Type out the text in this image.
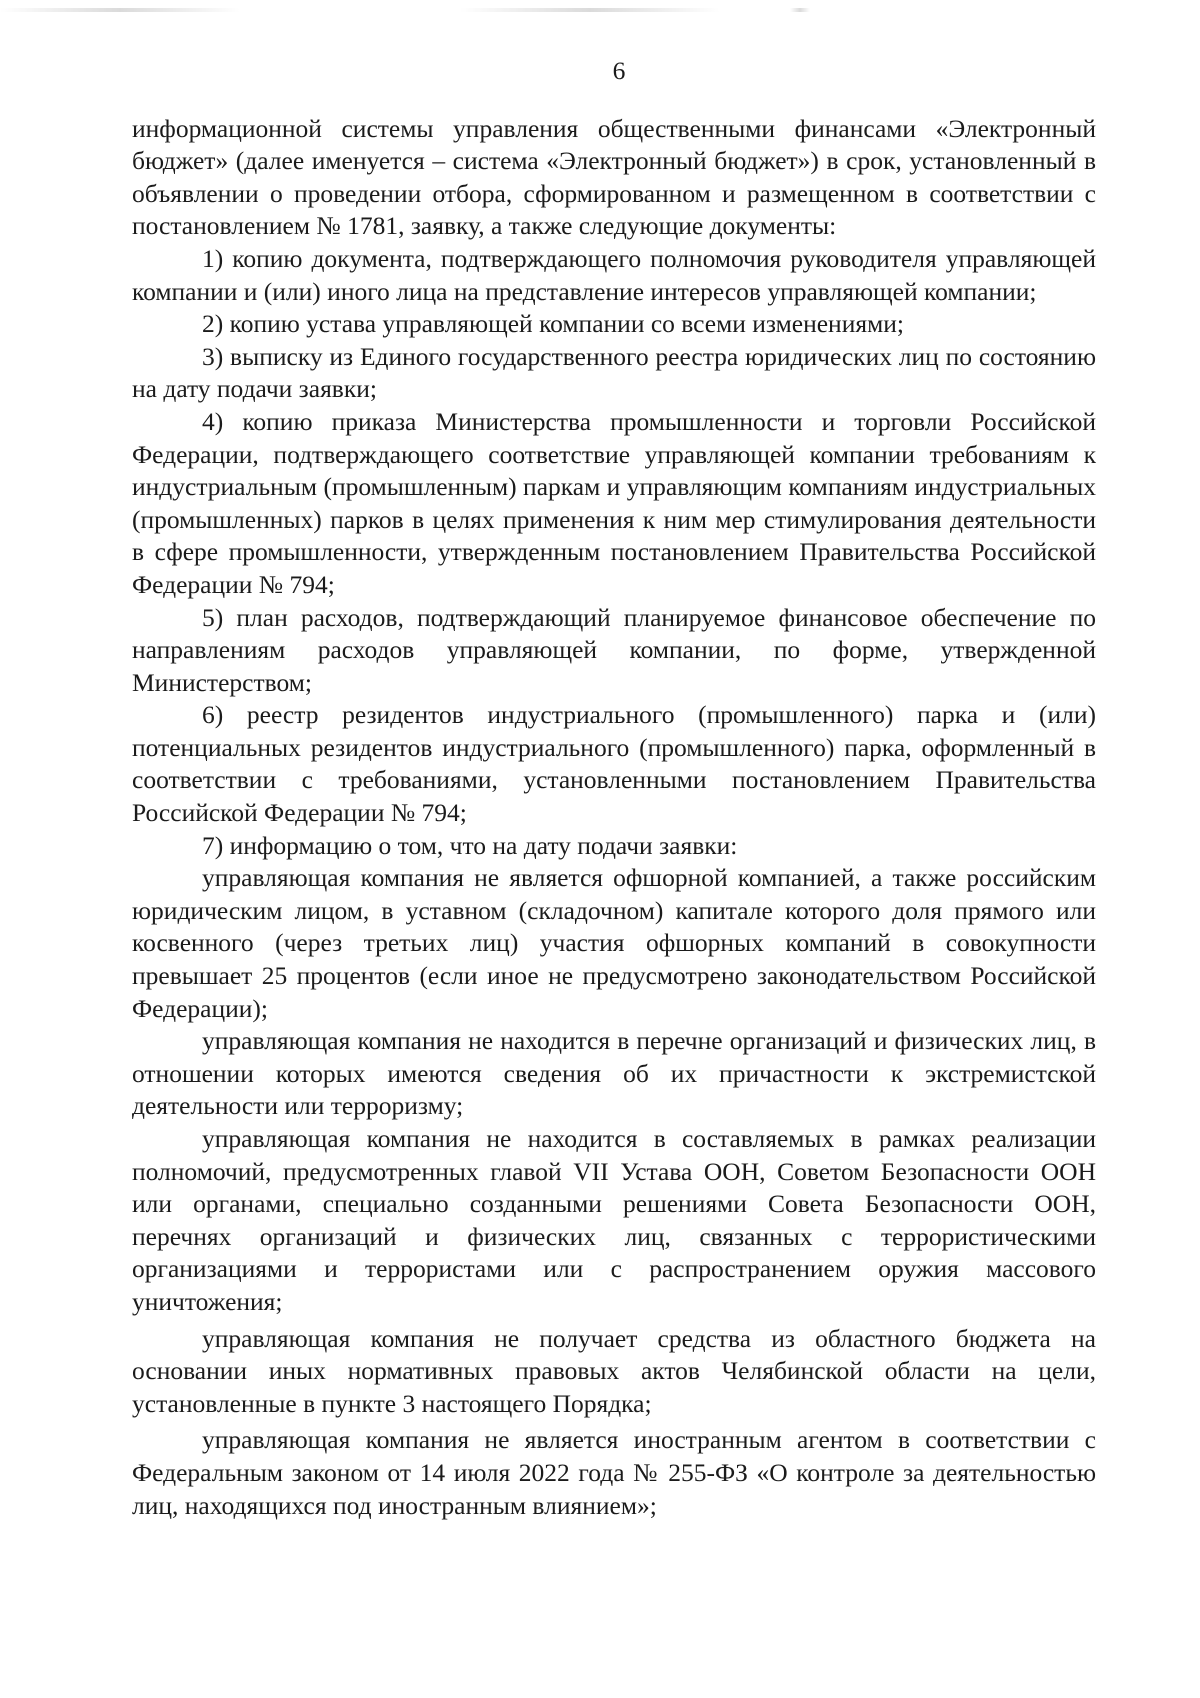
6

информационной системы управления общественными финансами «Электронный бюджет» (далее именуется – система «Электронный бюджет») в срок, установленный в объявлении о проведении отбора, сформированном и размещенном в соответствии с постановлением № 1781, заявку, а также следующие документы:

1) копию документа, подтверждающего полномочия руководителя управляющей компании и (или) иного лица на представление интересов управляющей компании;

2) копию устава управляющей компании со всеми изменениями;

3) выписку из Единого государственного реестра юридических лиц по состоянию на дату подачи заявки;

4) копию приказа Министерства промышленности и торговли Российской Федерации, подтверждающего соответствие управляющей компании требованиям к индустриальным (промышленным) паркам и управляющим компаниям индустриальных (промышленных) парков в целях применения к ним мер стимулирования деятельности в сфере промышленности, утвержденным постановлением Правительства Российской Федерации № 794;

5) план расходов, подтверждающий планируемое финансовое обеспечение по направлениям расходов управляющей компании, по форме, утвержденной Министерством;

6) реестр резидентов индустриального (промышленного) парка и (или) потенциальных резидентов индустриального (промышленного) парка, оформленный в соответствии с требованиями, установленными постановлением Правительства Российской Федерации № 794;

7) информацию о том, что на дату подачи заявки:

управляющая компания не является офшорной компанией, а также российским юридическим лицом, в уставном (складочном) капитале которого доля прямого или косвенного (через третьих лиц) участия офшорных компаний в совокупности превышает 25 процентов (если иное не предусмотрено законодательством Российской Федерации);

управляющая компания не находится в перечне организаций и физических лиц, в отношении которых имеются сведения об их причастности к экстремистской деятельности или терроризму;

управляющая компания не находится в составляемых в рамках реализации полномочий, предусмотренных главой VII Устава ООН, Советом Безопасности ООН или органами, специально созданными решениями Совета Безопасности ООН, перечнях организаций и физических лиц, связанных с террористическими организациями и террористами или с распространением оружия массового уничтожения;

управляющая компания не получает средства из областного бюджета на основании иных нормативных правовых актов Челябинской области на цели, установленные в пункте 3 настоящего Порядка;

управляющая компания не является иностранным агентом в соответствии с Федеральным законом от 14 июля 2022 года № 255-ФЗ «О контроле за деятельностью лиц, находящихся под иностранным влиянием»;
